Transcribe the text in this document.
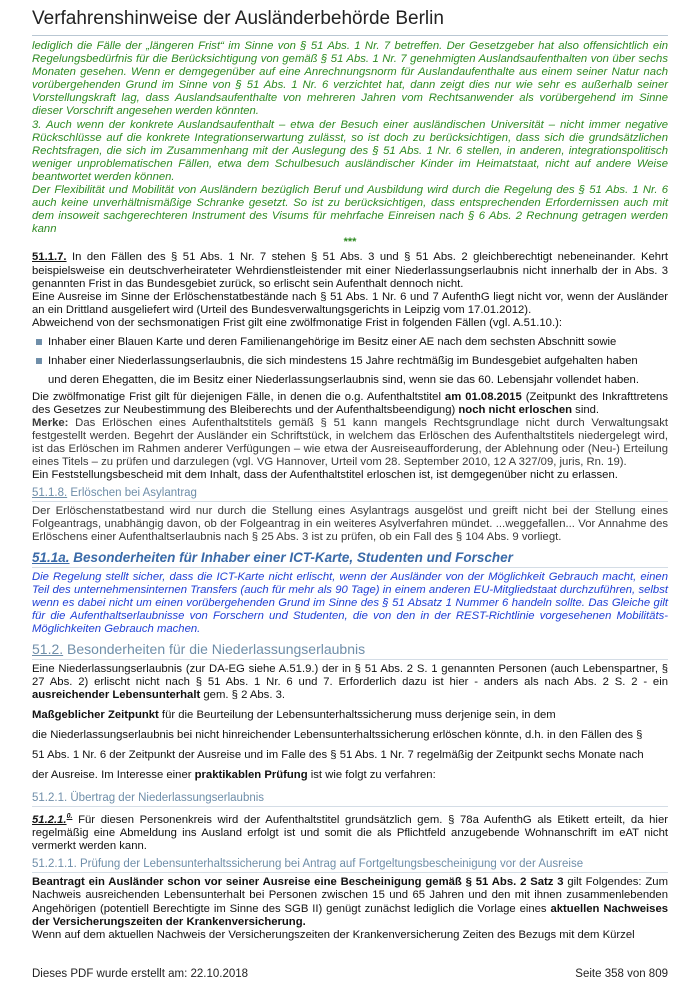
Verfahrenshinweise der Ausländerbehörde Berlin

lediglich die Fälle der „längeren Frist“ im Sinne von § 51 Abs. 1 Nr. 7 betreffen. Der Gesetzgeber hat also offensichtlich ein Regelungsbedürfnis für die Berücksichtigung von gemäß § 51 Abs. 1 Nr. 7 genehmigten Auslandsaufenthalten von über sechs Monaten gesehen. Wenn er demgegenüber auf eine Anrechnungsnorm für Auslandaufenthalte aus einem seiner Natur nach vorübergehenden Grund im Sinne von § 51 Abs. 1 Nr. 6 verzichtet hat, dann zeigt dies nur wie sehr es außerhalb seiner Vorstellungskraft lag, dass Auslandsaufenthalte von mehreren Jahren vom Rechtsanwender als vorübergehend im Sinne dieser Vorschrift angesehen werden könnten.

3. Auch wenn der konkrete Auslandsaufenthalt – etwa der Besuch einer ausländischen Universität – nicht immer negative Rückschlüsse auf die konkrete Integrationserwartung zulässt, so ist doch zu berücksichtigen, dass sich die grundsätzlichen Rechtsfragen, die sich im Zusammenhang mit der Auslegung des § 51 Abs. 1 Nr. 6 stellen, in anderen, integrationspolitisch weniger unproblematischen Fällen, etwa dem Schulbesuch ausländischer Kinder im Heimatstaat, nicht auf andere Weise beantwortet werden können.

Der Flexibilität und Mobilität von Ausländern bezüglich Beruf und Ausbildung wird durch die Regelung des § 51 Abs. 1 Nr. 6 auch keine unverhältnismäßige Schranke gesetzt. So ist zu berücksichtigen, dass entsprechenden Erfordernissen auch mit dem insoweit sachgerechteren Instrument des Visums für mehrfache Einreisen nach § 6 Abs. 2 Rechnung getragen werden kann

***

51.1.7. In den Fällen des § 51 Abs. 1 Nr. 7 stehen § 51 Abs. 3 und § 51 Abs. 2 gleichberechtigt nebeneinander. Kehrt beispielsweise ein deutschverheirateter Wehrdienstleistender mit einer Niederlassungserlaubnis nicht innerhalb der in Abs. 3 genannten Frist in das Bundesgebiet zurück, so erlischt sein Aufenthalt dennoch nicht.

Eine Ausreise im Sinne der Erlöschenstatbestände nach § 51 Abs. 1 Nr. 6 und 7 AufenthG liegt nicht vor, wenn der Ausländer an ein Drittland ausgeliefert wird (Urteil des Bundesverwaltungsgerichts in Leipzig vom 17.01.2012).

Abweichend von der sechsmonatigen Frist gilt eine zwölfmonatige Frist in folgenden Fällen (vgl. A.51.10.):

Inhaber einer Blauen Karte und deren Familienangehörige im Besitz einer AE nach dem sechsten Abschnitt sowie
Inhaber einer Niederlassungserlaubnis, die sich mindestens 15 Jahre rechtmäßig im Bundesgebiet aufgehalten haben
und deren Ehegatten, die im Besitz einer Niederlassungserlaubnis sind, wenn sie das 60. Lebensjahr vollendet haben.

Die zwölfmonatige Frist gilt für diejenigen Fälle, in denen die o.g. Aufenthaltstitel am 01.08.2015 (Zeitpunkt des Inkrafttretens des Gesetzes zur Neubestimmung des Bleiberechts und der Aufenthaltsbeendigung) noch nicht erloschen sind.

Merke: Das Erlöschen eines Aufenthaltstitels gemäß § 51 kann mangels Rechtsgrundlage nicht durch Verwaltungsakt festgestellt werden. Begehrt der Ausländer ein Schriftstück, in welchem das Erlöschen des Aufenthaltstitels niedergelegt wird, ist das Erlöschen im Rahmen anderer Verfügungen – wie etwa der Ausreiseaufforderung, der Ablehnung oder (Neu-) Erteilung eines Titels – zu prüfen und darzulegen (vgl. VG Hannover, Urteil vom 28. September 2010, 12 A 327/09, juris, Rn. 19).

Ein Feststellungsbescheid mit dem Inhalt, dass der Aufenthaltstitel erloschen ist, ist demgegenüber nicht zu erlassen.

51.1.8. Erlöschen bei Asylantrag

Der Erlöschenstatbestand wird nur durch die Stellung eines Asylantrags ausgelöst und greift nicht bei der Stellung eines Folgeantrags, unabhängig davon, ob der Folgeantrag in ein weiteres Asylverfahren mündet. ...weggefallen... Vor Annahme des Erlöschens einer Aufenthaltserlaubnis nach § 25 Abs. 3 ist zu prüfen, ob ein Fall des § 104 Abs. 9 vorliegt.

51.1a. Besonderheiten für Inhaber einer ICT-Karte, Studenten und Forscher

Die Regelung stellt sicher, dass die ICT-Karte nicht erlischt, wenn der Ausländer von der Möglichkeit Gebrauch macht, einen Teil des unternehmensinternen Transfers (auch für mehr als 90 Tage) in einem anderen EU-Mitgliedstaat durchzuführen, selbst wenn es dabei nicht um einen vorübergehenden Grund im Sinne des § 51 Absatz 1 Nummer 6 handeln sollte. Das Gleiche gilt für die Aufenthaltserlaubnisse von Forschern und Studenten, die von den in der REST-Richtlinie vorgesehenen Mobilitäts-Möglichkeiten Gebrauch machen.

51.2. Besonderheiten für die Niederlassungserlaubnis

Eine Niederlassungserlaubnis (zur DA-EG siehe A.51.9.) der in § 51 Abs. 2 S. 1 genannten Personen (auch Lebenspartner, § 27 Abs. 2) erlischt nicht nach § 51 Abs. 1 Nr. 6 und 7. Erforderlich dazu ist hier - anders als nach Abs. 2 S. 2 - ein ausreichender Lebensunterhalt gem. § 2 Abs. 3.

Maßgeblicher Zeitpunkt für die Beurteilung der Lebensunterhaltssicherung muss derjenige sein, in dem
die Niederlassungserlaubnis bei nicht hinreichender Lebensunterhaltssicherung erlöschen könnte, d.h. in den Fällen des §
51 Abs. 1 Nr. 6 der Zeitpunkt der Ausreise und im Falle des § 51 Abs. 1 Nr. 7 regelmäßig der Zeitpunkt sechs Monate nach
der Ausreise. Im Interesse einer praktikablen Prüfung ist wie folgt zu verfahren:
51.2.1. Übertrag der Niederlassungserlaubnis

51.2.1.$^{0.}$ Für diesen Personenkreis wird der Aufenthaltstitel grundsätzlich gem. § 78a AufenthG als Etikett erteilt, da hier regelmäßig eine Abmeldung ins Ausland erfolgt ist und somit die als Pflichtfeld anzugebende Wohnanschrift im eAT nicht vermerkt werden kann.

51.2.1.1. Prüfung der Lebensunterhaltssicherung bei Antrag auf Fortgeltungsbescheinigung vor der Ausreise

Beantragt ein Ausländer schon vor seiner Ausreise eine Bescheinigung gemäß § 51 Abs. 2 Satz 3 gilt Folgendes: Zum Nachweis ausreichenden Lebensunterhalt bei Personen zwischen 15 und 65 Jahren und den mit ihnen zusammenlebenden Angehörigen (potentiell Berechtigte im Sinne des SGB II) genügt zunächst lediglich die Vorlage eines aktuellen Nachweises der Versicherungszeiten der Krankenversicherung.

Wenn auf dem aktuellen Nachweis der Versicherungszeiten der Krankenversicherung Zeiten des Bezugs mit dem Kürzel

Dieses PDF wurde erstellt am: 22.10.2018	Seite 358 von 809
